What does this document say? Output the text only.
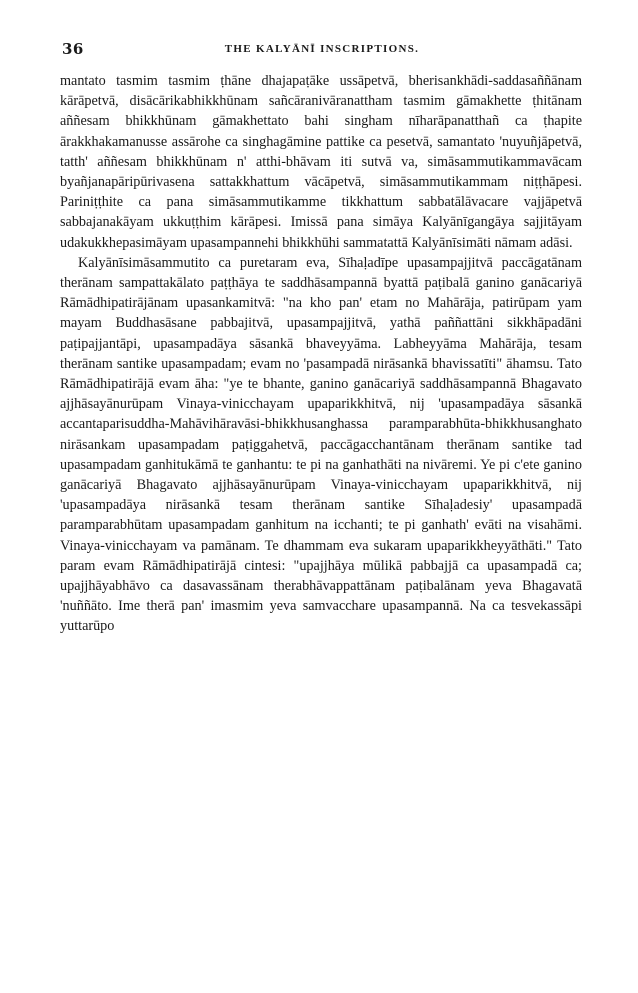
36	THE KALYĀNĪ INSCRIPTIONS.

mantato tasmim tasmim ṭhāne dhajapaṭāke ussāpetvā, bherisankhādi-saddasaññānam kārāpetvā, disācārikabhikkhūnam sañcāranivāranattham tasmim gāmakhette ṭhitānam aññesam bhikkhūnam gāmakhettato bahi singham nīharāpanatthañ ca ṭhapite ārakkhakamanusse assārohe ca singhagāmine pattike ca pesetvā, samantato 'nuyuñjāpetvā, tatth' aññesam bhikkhūnam n' atthi-bhāvam iti sutvā va, simāsammutikammavācam byañjanapāripūrivasena sattakkhattum vācāpetvā, simāsammutikammam niṭṭhāpesi. Pariniṭṭhite ca pana simāsammutikamme tikkhattum sabbatālāvacare vajjāpetvā sabbajanakāyam ukkuṭṭhim kārāpesi. Imissā pana simāya Kalyānīgangāya sajjitāyam udakukkhepasimāyam upasampannehi bhikkhūhi sammatattā Kalyānīsimāti nāmam adāsi.

Kalyānīsimāsammutito ca puretaram eva, Sīhaḷadīpe upasampajjitvā paccāgatānam therānam sampattakālato paṭṭhāya te saddhāsampannā byattā paṭibalā ganino ganācariyā Rāmādhipatirājānam upasankamitvā: "na kho pan' etam no Mahārāja, patirūpam yam mayam Buddhasāsane pabbajitvā, upasampajjitvā, yathā paññattāni sikkhāpadāni paṭipajjantāpi, upasampadāya sāsankā bhaveyyāma. Labheyyāma Mahārāja, tesam therānam santike upasampadam; evam no 'pasampadā nirāsankā bhavissatīti" āhamsu. Tato Rāmādhipatirājā evam āha: "ye te bhante, ganino ganācariyā saddhāsampannā Bhagavato ajjhāsayānurūpam Vinaya-vinicchayam upaparikkhitvā, nij 'upasampadāya sāsankā accantaparisuddha-Mahāvihāravāsi-bhikkhusanghassa paramparabhūta-bhikkhusanghato nirāsankam upasampadam paṭiggahetvā, paccāgacchantānam therānam santike tad upasampadam ganhitukāmā te ganhantu: te pi na ganhathāti na nivāremi. Ye pi c'ete ganino ganācariyā Bhagavato ajjhāsayānurūpam Vinaya-vinicchayam upaparikkhitvā, nij 'upasampadāya nirāsankā tesam therānam santike Sīhaḷadesiy' upasampadā paramparabhūtam upasampadam ganhitum na icchanti; te pi ganhath' evāti na visahāmi. Vinaya-vinicchayam va pamānam. Te dhammam eva sukaram upaparikkheyyāthāti." Tato param evam Rāmādhipatirājā cintesi: "upajjhāya mūlikā pabbajjā ca upasampadā ca; upajjhāyabhāvo ca dasavassānam therabhāvappattānam paṭibalānam yeva Bhagavatā 'nuññāto. Ime therā pan' imasmim yeva samvacchare upasampannā. Na ca tesvekassāpi yuttarūpo
